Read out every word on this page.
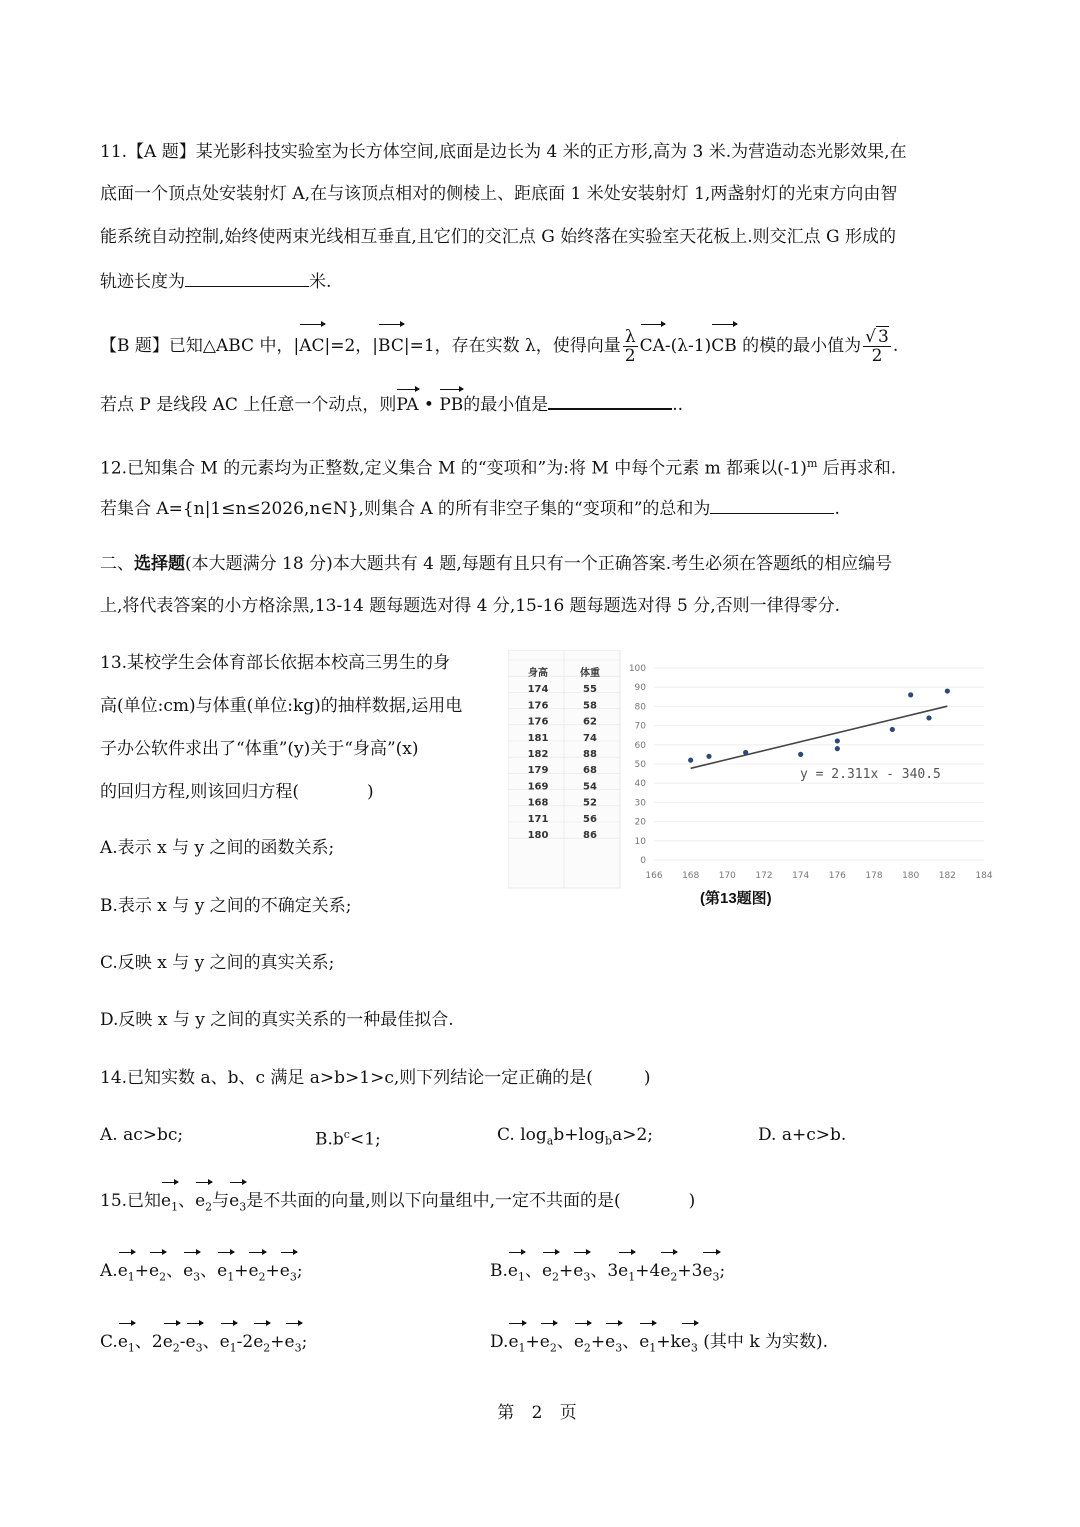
11.【A 题】某光影科技实验室为长方体空间,底面是边长为 4 米的正方形,高为 3 米.为营造动态光影效果,在
底面一个顶点处安装射灯 A,在与该顶点相对的侧棱上、距底面 1 米处安装射灯 1,两盏射灯的光束方向由智
能系统自动控制,始终使两束光线相互垂直,且它们的交汇点 G 始终落在实验室天花板上.则交汇点 G 形成的
轨迹长度为	米.
【B 题】已知△ABC 中，|AC|=2，|BC|=1，存在实数 λ，使得向量 $\frac{\lambda}{2} CA-(\lambda-1)CB$ 的模的最小值为 $\frac{√ 3}{2}$ .
若点 P 是线段 AC 上任意一个动点，则PA • PB的最小值是	..
12.已知集合 M 的元素均为正整数,定义集合 M 的“变项和”为:将 M 中每个元素 m 都乘以$(-1)^m$ 后再求和.
若集合 A={n|1≤n≤2026,n∈N},则集合 A 的所有非空子集的“变项和”的总和为	.
二、选择题(本大题满分 18 分)本大题共有 4 题,每题有且只有一个正确答案.考生必须在答题纸的相应编号
上,将代表答案的小方格涂黑,13-14 题每题选对得 4 分,15-16 题每题选对得 5 分,否则一律得零分.
13.某校学生会体育部长依据本校高三男生的身
高(单位:cm)与体重(单位:kg)的抽样数据,运用电
子办公软件求出了“体重”(y)关于“身高”(x)
的回归方程,则该回归方程(　　　　)
A.表示 x 与 y 之间的函数关系;
B.表示 x 与 y 之间的不确定关系;
C.反映 x 与 y 之间的真实关系;
D.反映 x 与 y 之间的真实关系的一种最佳拟合.
身高	体重
174	55
176	58
176	62
181	74
182	88
179	68
169	54
168	52
171	56
180	86
0
10
20
30
40
50
60
70
80
90
100
166 168 170 172 174 176 178 180 182 184
y = 2.311x - 340.5
(第13题图)
14.已知实数 a、b、c 满足 a>b>1>c,则下列结论一定正确的是(　　　)
A. ac>bc;	$B.b^c<1$;	C. $\log_ab+\log_ba>2$;	D. a+c>b.
15.已知$e_1$、$e_2$与$e_3$是不共面的向量,则以下向量组中,一定不共面的是(　　　　)
$A.e_1+e_2$、$e_3$、$e_1+e_2+e_3$;	$B.e_1$、$e_2+e_3$、$3e_1+4e_2+3e_3$;
$C.e_1$、$2e_2-e_3$、$e_1-2e_2+e_3$;	$D.e_1+e_2$、$e_2+e_3$、$e_1+ke_3$ (其中 k 为实数).
第 2 页
